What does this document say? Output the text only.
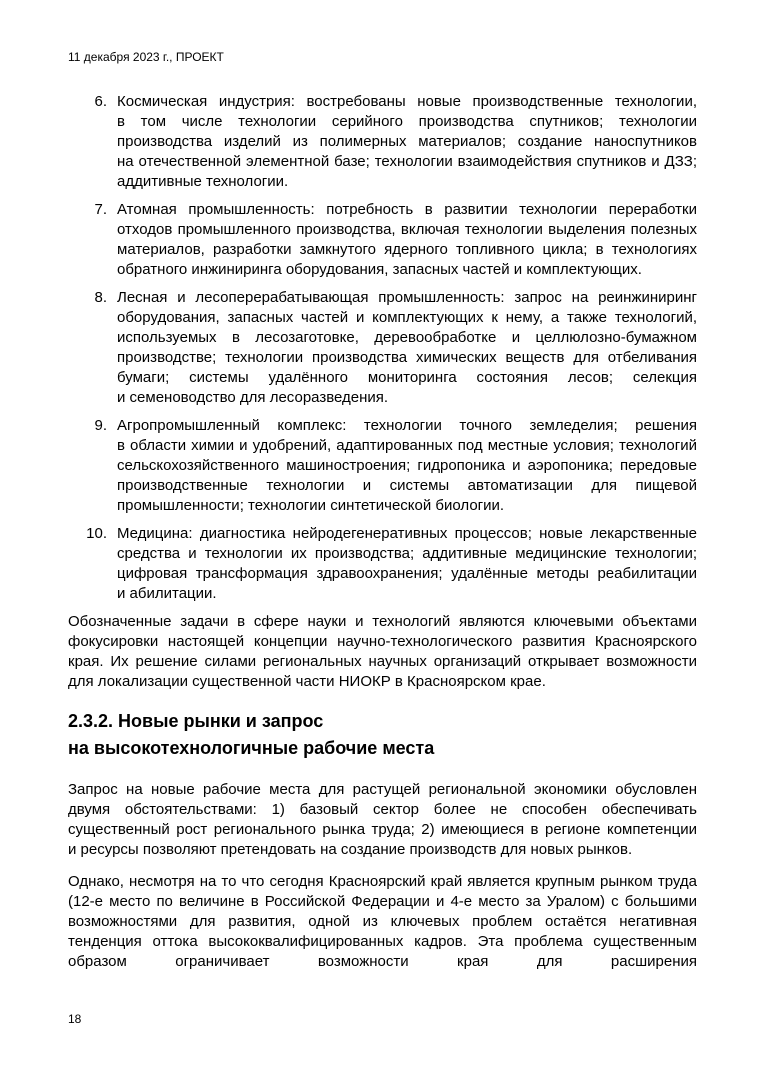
11 декабря 2023 г., ПРОЕКТ
6. Космическая индустрия: востребованы новые производственные технологии, в том числе технологии серийного производства спутников; технологии производства изделий из полимерных материалов; создание наноспутников на отечественной элементной базе; технологии взаимодействия спутников и ДЗЗ; аддитивные технологии.
7. Атомная промышленность: потребность в развитии технологии переработки отходов промышленного производства, включая технологии выделения полезных материалов, разработки замкнутого ядерного топливного цикла; в технологиях обратного инжиниринга оборудования, запасных частей и комплектующих.
8. Лесная и лесоперерабатывающая промышленность: запрос на реинжиниринг оборудования, запасных частей и комплектующих к нему, а также технологий, используемых в лесозаготовке, деревообработке и целлюлозно-бумажном производстве; технологии производства химических веществ для отбеливания бумаги; системы удалённого мониторинга состояния лесов; селекция и семеноводство для лесоразведения.
9. Агропромышленный комплекс: технологии точного земледелия; решения в области химии и удобрений, адаптированных под местные условия; технологий сельскохозяйственного машиностроения; гидропоника и аэропоника; передовые производственные технологии и системы автоматизации для пищевой промышленности; технологии синтетической биологии.
10. Медицина: диагностика нейродегенеративных процессов; новые лекарственные средства и технологии их производства; аддитивные медицинские технологии; цифровая трансформация здравоохранения; удалённые методы реабилитации и абилитации.

Обозначенные задачи в сфере науки и технологий являются ключевыми объектами фокусировки настоящей концепции научно-технологического развития Красноярского края. Их решение силами региональных научных организаций открывает возможности для локализации существенной части НИОКР в Красноярском крае.

2.3.2. Новые рынки и запрос
на высокотехнологичные рабочие места

Запрос на новые рабочие места для растущей региональной экономики обусловлен двумя обстоятельствами: 1) базовый сектор более не способен обеспечивать существенный рост регионального рынка труда; 2) имеющиеся в регионе компетенции и ресурсы позволяют претендовать на создание производств для новых рынков.

Однако, несмотря на то что сегодня Красноярский край является крупным рынком труда (12-е место по величине в Российской Федерации и 4-е место за Уралом) с большими возможностями для развития, одной из ключевых проблем остаётся негативная тенденция оттока высококвалифицированных кадров. Эта проблема существенным образом ограничивает возможности края для расширения

18
